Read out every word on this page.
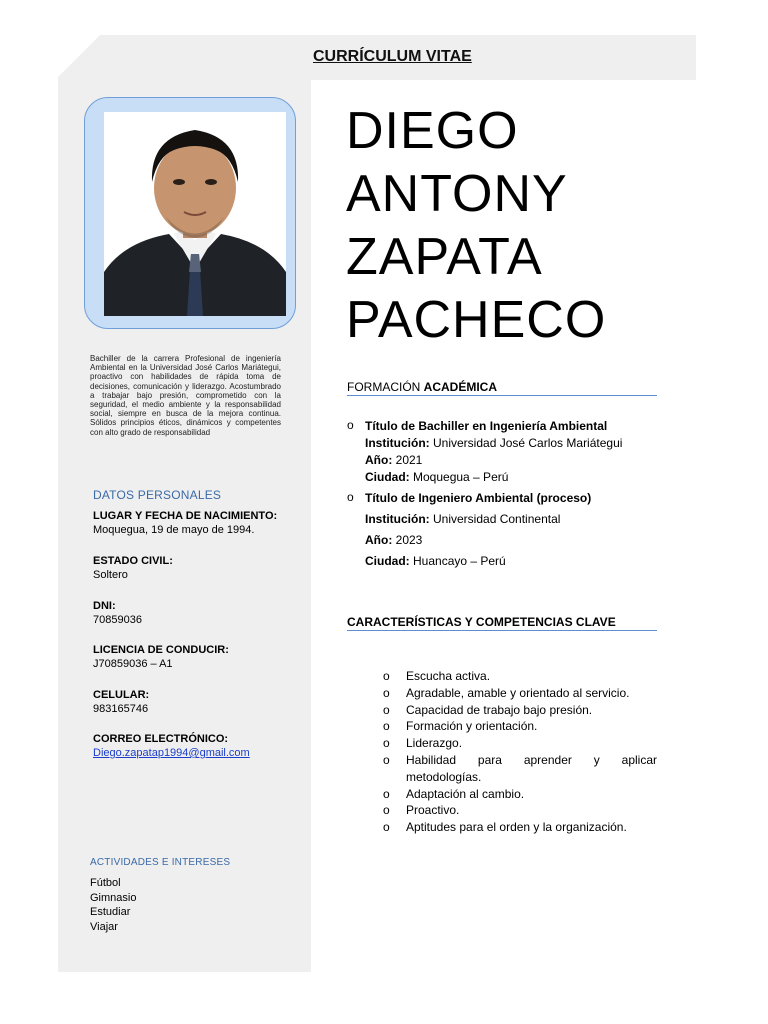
CURRÍCULUM VITAE
Bachiller de la carrera Profesional de ingeniería Ambiental en la Universidad José Carlos Mariátegui, proactivo con habilidades de rápida toma de decisiones, comunicación y liderazgo. Acostumbrado a trabajar bajo presión, comprometido con la seguridad, el medio ambiente y la responsabilidad social, siempre en busca de la mejora continua. Sólidos principios éticos, dinámicos y competentes con alto grado de responsabilidad
DATOS PERSONALES
LUGAR Y FECHA DE NACIMIENTO:
Moquegua, 19 de mayo de 1994.
ESTADO CIVIL:
Soltero
DNI:
70859036
LICENCIA DE CONDUCIR:
J70859036 – A1
CELULAR:
983165746
CORREO ELECTRÓNICO:
Diego.zapatap1994@gmail.com
ACTIVIDADES E INTERESES
Fútbol
Gimnasio
Estudiar
Viajar
DIEGO
ANTONY
ZAPATA
PACHECO
FORMACIÓN ACADÉMICA
o Título de Bachiller en Ingeniería Ambiental
Institución: Universidad José Carlos Mariátegui
Año: 2021
Ciudad: Moquegua – Perú
o Título de Ingeniero Ambiental (proceso)
Institución: Universidad Continental
Año: 2023
Ciudad: Huancayo – Perú
CARACTERÍSTICAS Y COMPETENCIAS CLAVE
o Escucha activa.
o Agradable, amable y orientado al servicio.
o Capacidad de trabajo bajo presión.
o Formación y orientación.
o Liderazgo.
o Habilidad para aprender y aplicar metodologías.
o Adaptación al cambio.
o Proactivo.
o Aptitudes para el orden y la organización.
